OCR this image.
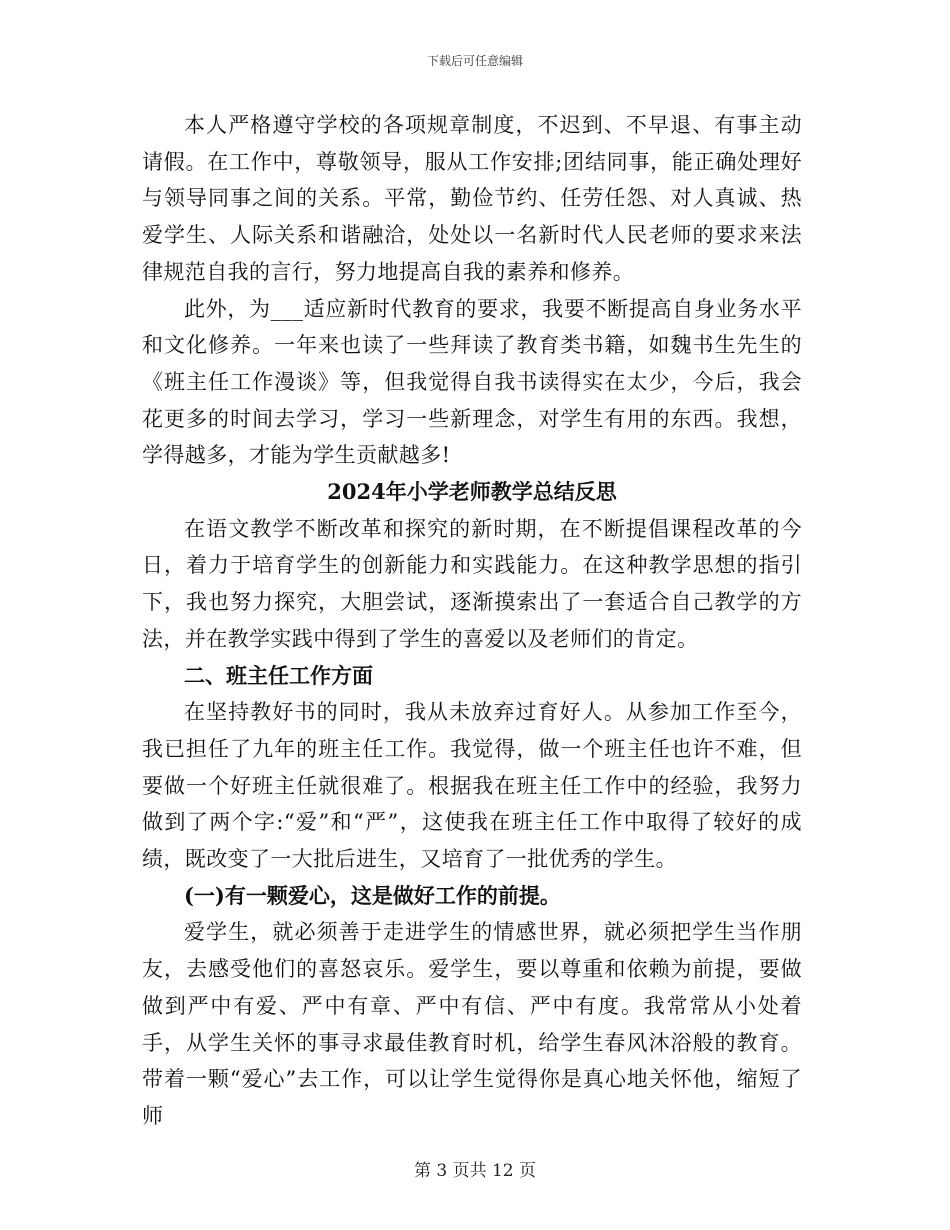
下载后可任意编辑

本人严格遵守学校的各项规章制度，不迟到、不早退、有事主动请假。在工作中，尊敬领导，服从工作安排;团结同事，能正确处理好与领导同事之间的关系。平常，勤俭节约、任劳任怨、对人真诚、热爱学生、人际关系和谐融洽，处处以一名新时代人民老师的要求来法律规范自我的言行，努力地提高自我的素养和修养。

此外，为___适应新时代教育的要求，我要不断提高自身业务水平和文化修养。一年来也读了一些拜读了教育类书籍，如魏书生先生的《班主任工作漫谈》等，但我觉得自我书读得实在太少，今后，我会花更多的时间去学习，学习一些新理念，对学生有用的东西。我想，学得越多，才能为学生贡献越多!

2024年小学老师教学总结反思

在语文教学不断改革和探究的新时期，在不断提倡课程改革的今日，着力于培育学生的创新能力和实践能力。在这种教学思想的指引下，我也努力探究，大胆尝试，逐渐摸索出了一套适合自己教学的方法，并在教学实践中得到了学生的喜爱以及老师们的肯定。

二、班主任工作方面

在坚持教好书的同时，我从未放弃过育好人。从参加工作至今，我已担任了九年的班主任工作。我觉得，做一个班主任也许不难，但要做一个好班主任就很难了。根据我在班主任工作中的经验，我努力做到了两个字:“爱”和“严”，这使我在班主任工作中取得了较好的成绩，既改变了一大批后进生，又培育了一批优秀的学生。

(一)有一颗爱心，这是做好工作的前提。

爱学生，就必须善于走进学生的情感世界，就必须把学生当作朋友，去感受他们的喜怒哀乐。爱学生，要以尊重和依赖为前提，要做做到严中有爱、严中有章、严中有信、严中有度。我常常从小处着手，从学生关怀的事寻求最佳教育时机，给学生春风沐浴般的教育。带着一颗“爱心”去工作，可以让学生觉得你是真心地关怀他，缩短了师

第 3 页共 12 页
